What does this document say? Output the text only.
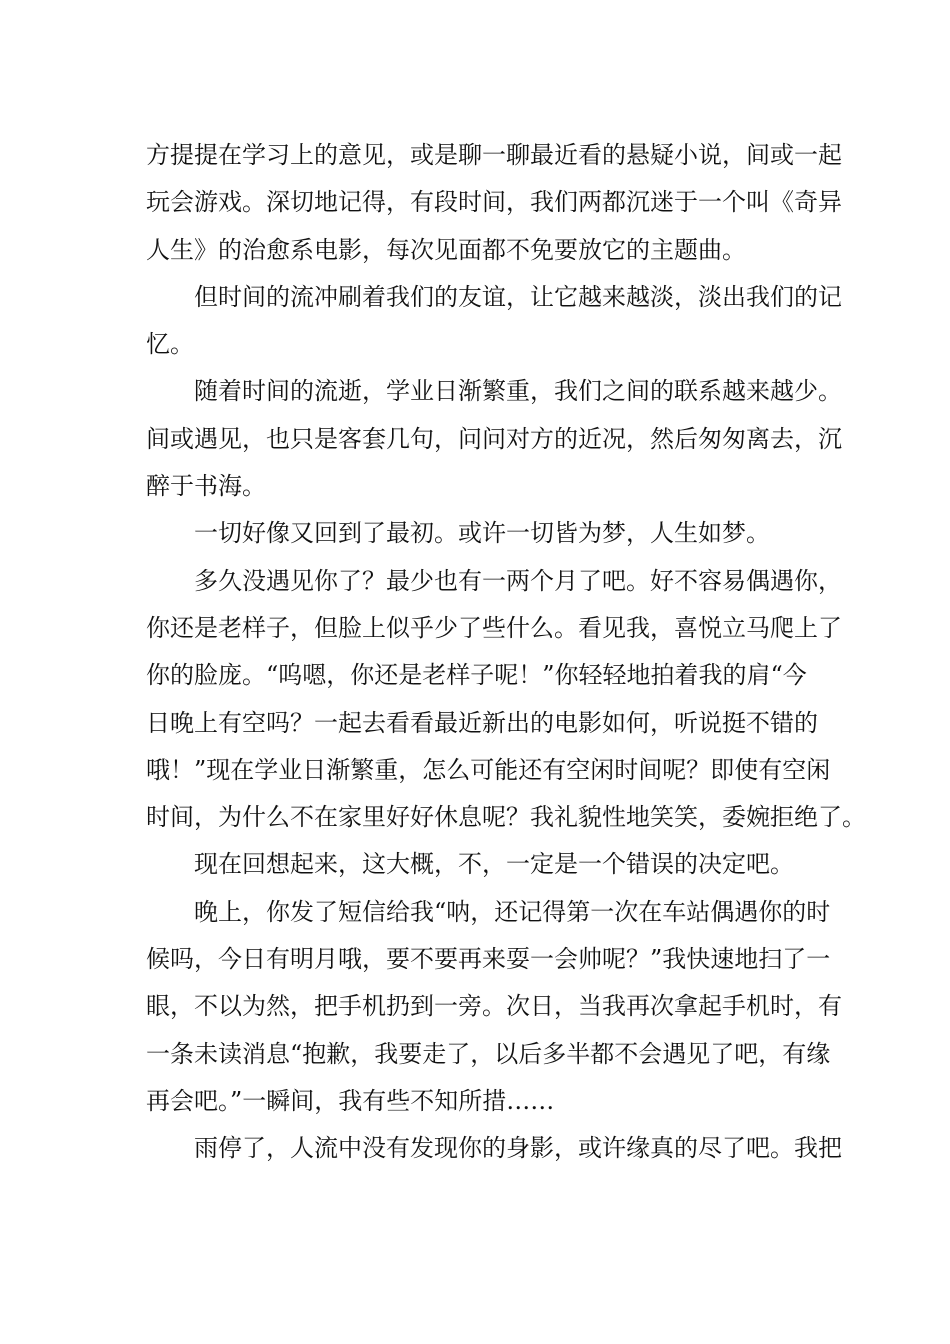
方提提在学习上的意见，或是聊一聊最近看的悬疑小说，间或一起
玩会游戏。深切地记得，有段时间，我们两都沉迷于一个叫《奇异
人生》的治愈系电影，每次见面都不免要放它的主题曲。

但时间的流冲刷着我们的友谊，让它越来越淡，淡出我们的记
忆。

随着时间的流逝，学业日渐繁重，我们之间的联系越来越少。
间或遇见，也只是客套几句，问问对方的近况，然后匆匆离去，沉
醉于书海。

一切好像又回到了最初。或许一切皆为梦，人生如梦。

多久没遇见你了？最少也有一两个月了吧。好不容易偶遇你，
你还是老样子，但脸上似乎少了些什么。看见我，喜悦立马爬上了
你的脸庞。“呜嗯，你还是老样子呢！”你轻轻地拍着我的肩“今
日晚上有空吗？一起去看看最近新出的电影如何，听说挺不错的
哦！”现在学业日渐繁重，怎么可能还有空闲时间呢？即使有空闲
时间，为什么不在家里好好休息呢？我礼貌性地笑笑，委婉拒绝了。

现在回想起来，这大概，不，一定是一个错误的决定吧。

晚上，你发了短信给我“呐，还记得第一次在车站偶遇你的时
候吗，今日有明月哦，要不要再来耍一会帅呢？”我快速地扫了一
眼，不以为然，把手机扔到一旁。次日，当我再次拿起手机时，有
一条未读消息“抱歉，我要走了，以后多半都不会遇见了吧，有缘
再会吧。”一瞬间，我有些不知所措……

雨停了，人流中没有发现你的身影，或许缘真的尽了吧。我把
